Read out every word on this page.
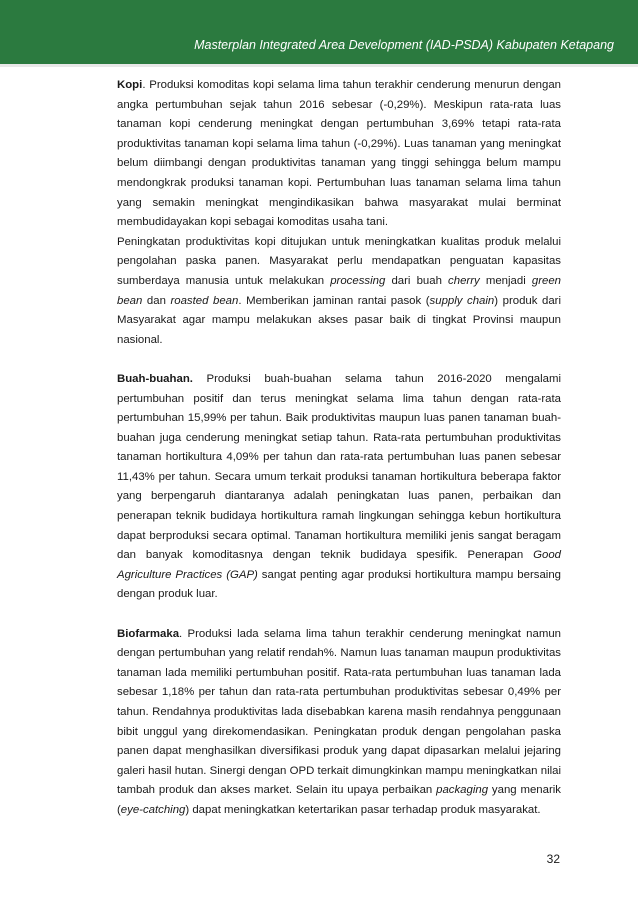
Masterplan Integrated Area Development (IAD-PSDA) Kabupaten Ketapang

Kopi. Produksi komoditas kopi selama lima tahun terakhir cenderung menurun dengan angka pertumbuhan sejak tahun 2016 sebesar (-0,29%). Meskipun rata-rata luas tanaman kopi cenderung meningkat dengan pertumbuhan 3,69% tetapi rata-rata produktivitas tanaman kopi selama lima tahun (-0,29%). Luas tanaman yang meningkat belum diimbangi dengan produktivitas tanaman yang tinggi sehingga belum mampu mendongkrak produksi tanaman kopi. Pertumbuhan luas tanaman selama lima tahun yang semakin meningkat mengindikasikan bahwa masyarakat mulai berminat membudidayakan kopi sebagai komoditas usaha tani.

Peningkatan produktivitas kopi ditujukan untuk meningkatkan kualitas produk melalui pengolahan paska panen. Masyarakat perlu mendapatkan penguatan kapasitas sumberdaya manusia untuk melakukan processing dari buah cherry menjadi green bean dan roasted bean. Memberikan jaminan rantai pasok (supply chain) produk dari Masyarakat agar mampu melakukan akses pasar baik di tingkat Provinsi maupun nasional.

Buah-buahan. Produksi buah-buahan selama tahun 2016-2020 mengalami pertumbuhan positif dan terus meningkat selama lima tahun dengan rata-rata pertumbuhan 15,99% per tahun. Baik produktivitas maupun luas panen tanaman buah-buahan juga cenderung meningkat setiap tahun. Rata-rata pertumbuhan produktivitas tanaman hortikultura 4,09% per tahun dan rata-rata pertumbuhan luas panen sebesar 11,43% per tahun. Secara umum terkait produksi tanaman hortikultura beberapa faktor yang berpengaruh diantaranya adalah peningkatan luas panen, perbaikan dan penerapan teknik budidaya hortikultura ramah lingkungan sehingga kebun hortikultura dapat berproduksi secara optimal. Tanaman hortikultura memiliki jenis sangat beragam dan banyak komoditasnya dengan teknik budidaya spesifik. Penerapan Good Agriculture Practices (GAP) sangat penting agar produksi hortikultura mampu bersaing dengan produk luar.

Biofarmaka. Produksi lada selama lima tahun terakhir cenderung meningkat namun dengan pertumbuhan yang relatif rendah%. Namun luas tanaman maupun produktivitas tanaman lada memiliki pertumbuhan positif. Rata-rata pertumbuhan luas tanaman lada sebesar 1,18% per tahun dan rata-rata pertumbuhan produktivitas sebesar 0,49% per tahun. Rendahnya produktivitas lada disebabkan karena masih rendahnya penggunaan bibit unggul yang direkomendasikan. Peningkatan produk dengan pengolahan paska panen dapat menghasilkan diversifikasi produk yang dapat dipasarkan melalui jejaring galeri hasil hutan. Sinergi dengan OPD terkait dimungkinkan mampu meningkatkan nilai tambah produk dan akses market. Selain itu upaya perbaikan packaging yang menarik (eye-catching) dapat meningkatkan ketertarikan pasar terhadap produk masyarakat.

32
